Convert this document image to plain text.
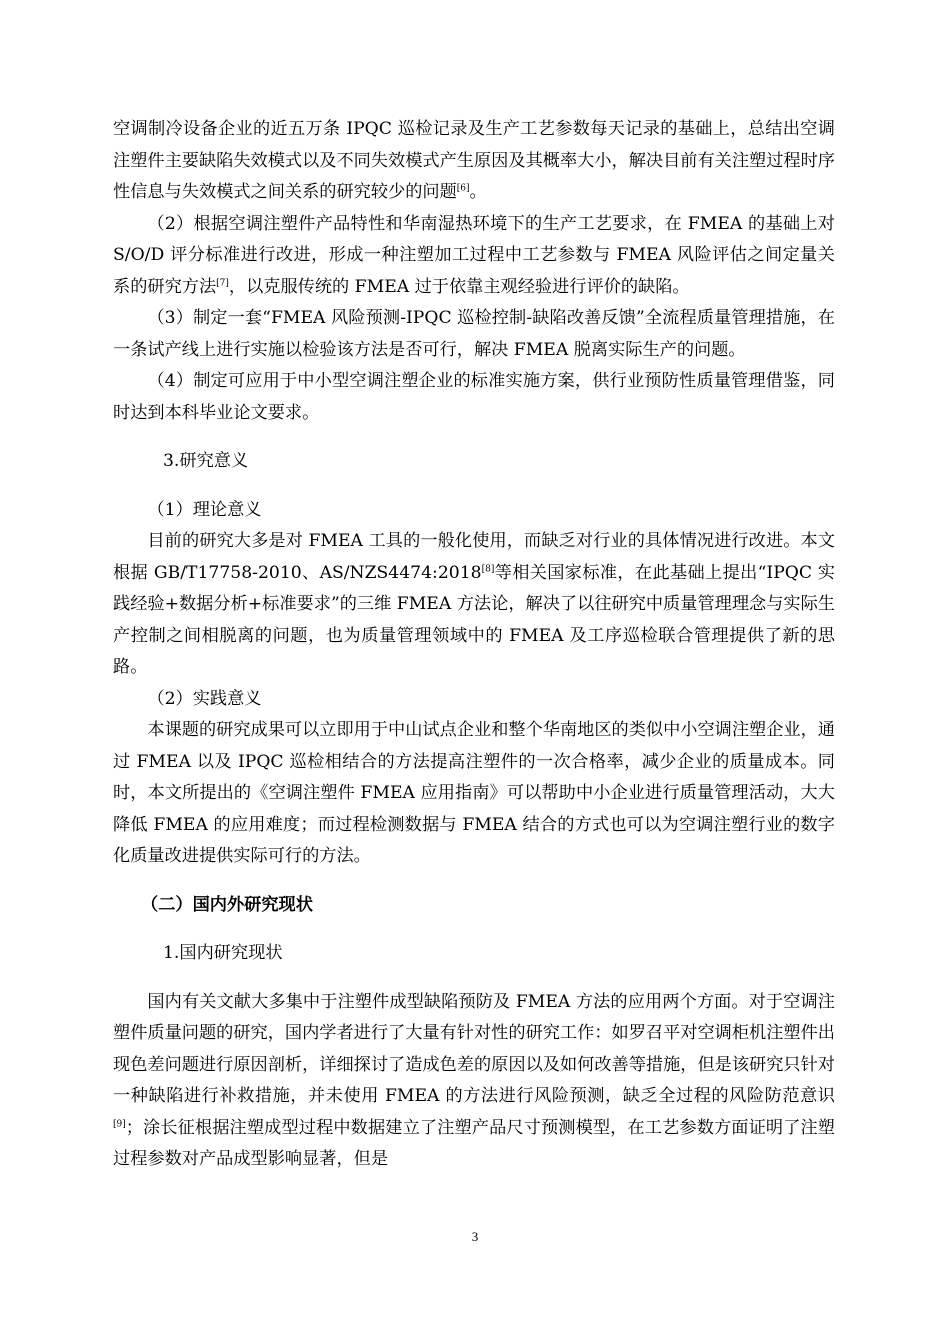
空调制冷设备企业的近五万条 IPQC 巡检记录及生产工艺参数每天记录的基础上，总结出空调注塑件主要缺陷失效模式以及不同失效模式产生原因及其概率大小，解决目前有关注塑过程时序性信息与失效模式之间关系的研究较少的问题[6]。

（2）根据空调注塑件产品特性和华南湿热环境下的生产工艺要求，在 FMEA 的基础上对 S/O/D 评分标准进行改进，形成一种注塑加工过程中工艺参数与 FMEA 风险评估之间定量关系的研究方法[7]，以克服传统的 FMEA 过于依靠主观经验进行评价的缺陷。

（3）制定一套“FMEA 风险预测-IPQC 巡检控制-缺陷改善反馈”全流程质量管理措施，在一条试产线上进行实施以检验该方法是否可行，解决 FMEA 脱离实际生产的问题。

（4）制定可应用于中小型空调注塑企业的标准实施方案，供行业预防性质量管理借鉴，同时达到本科毕业论文要求。

3.研究意义

（1）理论意义

目前的研究大多是对 FMEA 工具的一般化使用，而缺乏对行业的具体情况进行改进。本文根据 GB/T17758-2010、AS/NZS4474:2018[8]等相关国家标准，在此基础上提出“IPQC 实践经验+数据分析+标准要求”的三维 FMEA 方法论，解决了以往研究中质量管理理念与实际生产控制之间相脱离的问题，也为质量管理领域中的 FMEA 及工序巡检联合管理提供了新的思路。

（2）实践意义

本课题的研究成果可以立即用于中山试点企业和整个华南地区的类似中小空调注塑企业，通过 FMEA 以及 IPQC 巡检相结合的方法提高注塑件的一次合格率，减少企业的质量成本。同时，本文所提出的《空调注塑件 FMEA 应用指南》可以帮助中小企业进行质量管理活动，大大降低 FMEA 的应用难度；而过程检测数据与 FMEA 结合的方式也可以为空调注塑行业的数字化质量改进提供实际可行的方法。

（二）国内外研究现状

1.国内研究现状

国内有关文献大多集中于注塑件成型缺陷预防及 FMEA 方法的应用两个方面。对于空调注塑件质量问题的研究，国内学者进行了大量有针对性的研究工作：如罗召平对空调柜机注塑件出现色差问题进行原因剖析，详细探讨了造成色差的原因以及如何改善等措施，但是该研究只针对一种缺陷进行补救措施，并未使用 FMEA 的方法进行风险预测，缺乏全过程的风险防范意识[9]；涂长征根据注塑成型过程中数据建立了注塑产品尺寸预测模型，在工艺参数方面证明了注塑过程参数对产品成型影响显著，但是

3
